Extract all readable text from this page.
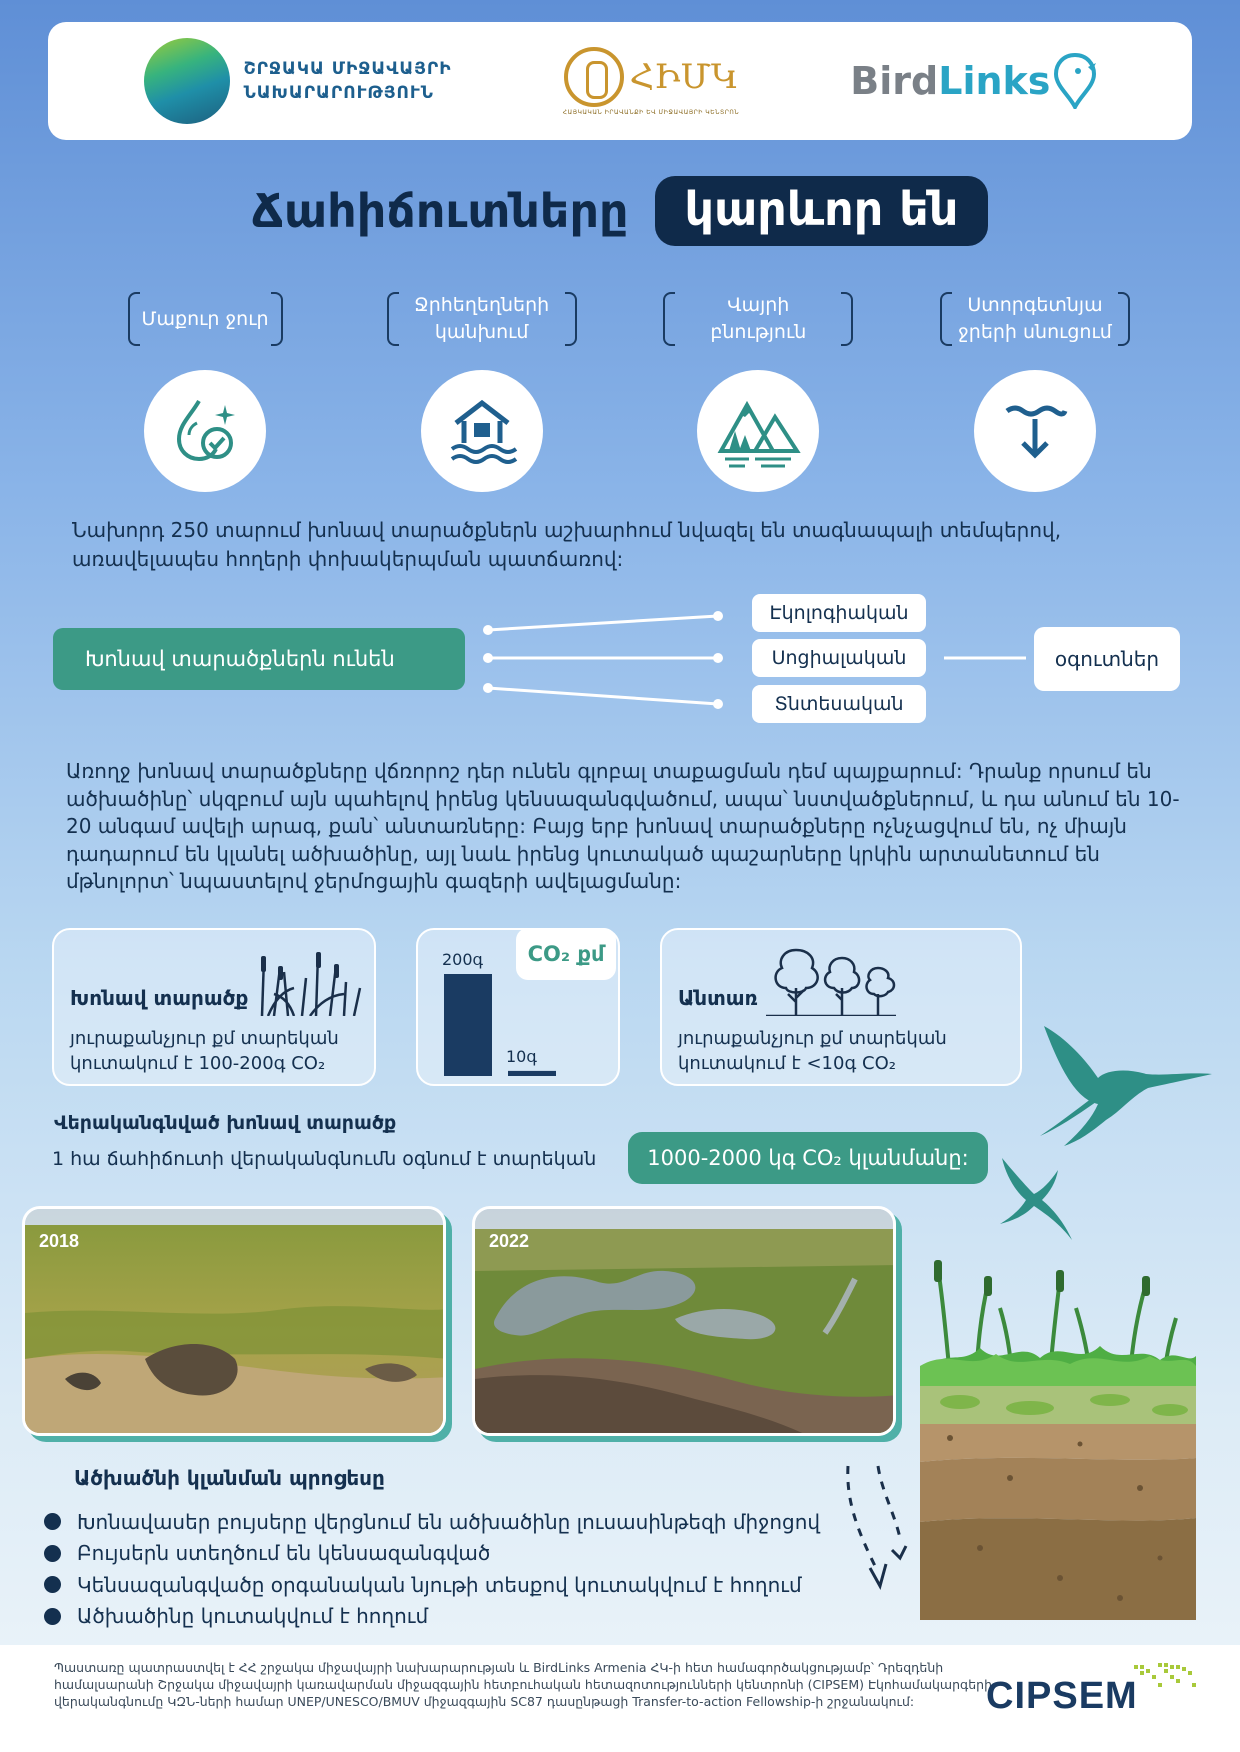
ՇՐՋԱԿԱ ՄԻՋԱՎԱՅՐԻ
ՆԱԽԱՐԱՐՈՒԹՅՈՒՆ	ՀԻՄԿ
ՀԱՅԿԱԿԱՆ ԻՐԱՎԱՆՔԻ ԵՎ ՄԻՋԱՎԱՅՐԻ ԿԵՆՏՐՈՆ
Bird Links
Ճահիճուտները	կարևոր են
Մաքուր ջուր
Ջրհեղեղների կանխում
Վայրի բնություն
Ստորգետնյա ջրերի սնուցում
Նախորդ 250 տարում խոնավ տարածքներն աշխարհում նվազել են տագնապալի տեմպերով, առավելապես հողերի փոխակերպման պատճառով:
Խոնավ տարածքներն ունեն
Էկոլոգիական
Սոցիալական
Տնտեսական
օգուտներ
Առողջ խոնավ տարածքները վճռորոշ դեր ունեն գլոբալ տաքացման դեմ պայքարում: Դրանք որսում են ածխածինը՝ սկզբում այն պահելով իրենց կենսազանգվածում, ապա՝ նստվածքներում, և դա անում են 10-20 անգամ ավելի արագ, քան՝ անտառները: Բայց երբ խոնավ տարածքները ոչնչացվում են, ոչ միայն դադարում են կլանել ածխածինը, այլ նաև իրենց կուտակած պաշարները կրկին արտանետում են մթնոլորտ՝ նպաստելով ջերմոցային գազերի ավելացմանը:
Խոնավ տարածք
յուրաքանչյուր քմ տարեկան կուտակում է 100-200գ CO₂
CO₂ քմ
200գ
10գ
Անտառ
յուրաքանչյուր քմ տարեկան կուտակում է <10գ CO₂
Վերականգնված խոնավ տարածք
1 հա ճահիճուտի վերականգնումն օգնում է տարեկան	1000-2000 կգ CO₂ կլանմանը:
2018	2022
Ածխածնի կլանման պրոցեսը
Խոնավասեր բույսերը վերցնում են ածխածինը լուսասինթեզի միջոցով
Բույսերն ստեղծում են կենսազանգված
Կենսազանգվածը օրգանական նյութի տեսքով կուտակվում է հողում
Ածխածինը կուտակվում է հողում
Պաստառը պատրաստվել է ՀՀ շրջակա միջավայրի նախարարության և BirdLinks Armenia ՀԿ-ի հետ համագործակցությամբ՝ Դրեզդենի համալսարանի Շրջակա միջավայրի կառավարման միջազգային հետբուհական հետազոտությունների կենտրոնի (CIPSEM) Էկոհամակարգերի վերականգնումը ԿԶՆ-ների համար UNEP/UNESCO/BMUV միջազգային SC87 դասընթացի Transfer-to-action Fellowship-ի շրջանակում:	CIPSEM
